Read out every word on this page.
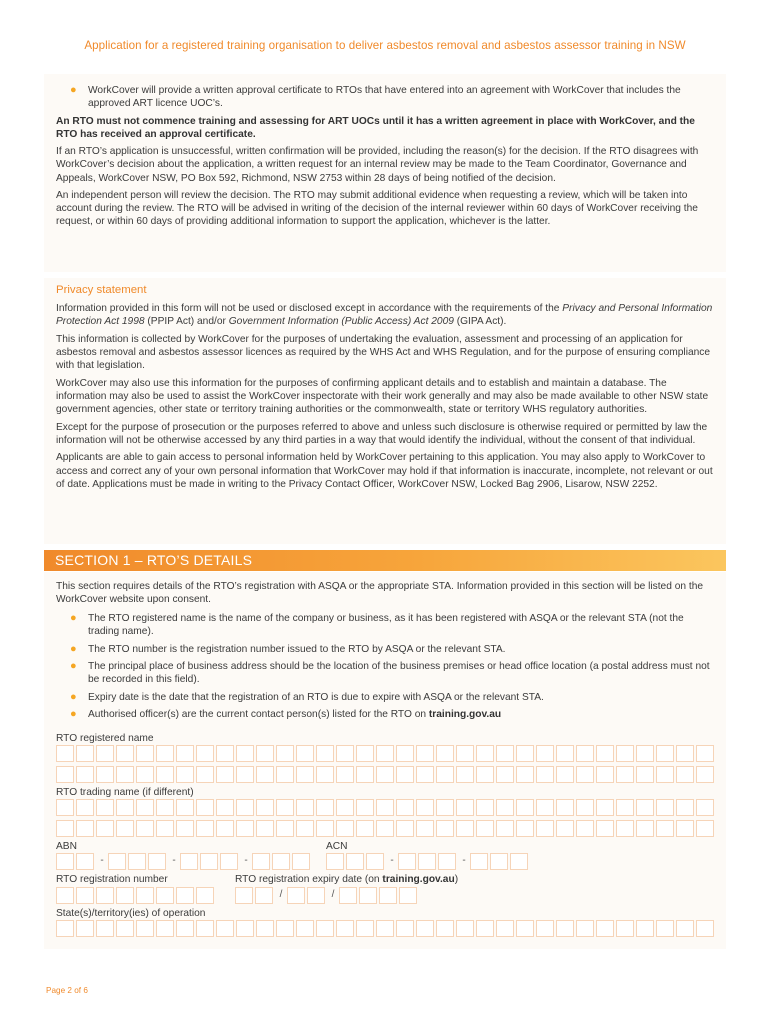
Application for a registered training organisation to deliver asbestos removal and asbestos assessor training in NSW
● WorkCover will provide a written approval certificate to RTOs that have entered into an agreement with WorkCover that includes the approved ART licence UOC’s.

An RTO must not commence training and assessing for ART UOCs until it has a written agreement in place with WorkCover, and the RTO has received an approval certificate.

If an RTO’s application is unsuccessful, written confirmation will be provided, including the reason(s) for the decision. If the RTO disagrees with WorkCover’s decision about the application, a written request for an internal review may be made to the Team Coordinator, Governance and Appeals, WorkCover NSW, PO Box 592, Richmond, NSW 2753 within 28 days of being notified of the decision.

An independent person will review the decision. The RTO may submit additional evidence when requesting a review, which will be taken into account during the review. The RTO will be advised in writing of the decision of the internal reviewer within 60 days of WorkCover receiving the request, or within 60 days of providing additional information to support the application, whichever is the latter.

Privacy statement

Information provided in this form will not be used or disclosed except in accordance with the requirements of the Privacy and Personal Information Protection Act 1998 (PPIP Act) and/or Government Information (Public Access) Act 2009 (GIPA Act).

This information is collected by WorkCover for the purposes of undertaking the evaluation, assessment and processing of an application for asbestos removal and asbestos assessor licences as required by the WHS Act and WHS Regulation, and for the purpose of ensuring compliance with that legislation.

WorkCover may also use this information for the purposes of confirming applicant details and to establish and maintain a database. The information may also be used to assist the WorkCover inspectorate with their work generally and may also be made available to other NSW state government agencies, other state or territory training authorities or the commonwealth, state or territory WHS regulatory authorities.

Except for the purpose of prosecution or the purposes referred to above and unless such disclosure is otherwise required or permitted by law the information will not be otherwise accessed by any third parties in a way that would identify the individual, without the consent of that individual.

Applicants are able to gain access to personal information held by WorkCover pertaining to this application. You may also apply to WorkCover to access and correct any of your own personal information that WorkCover may hold if that information is inaccurate, incomplete, not relevant or out of date. Applications must be made in writing to the Privacy Contact Officer, WorkCover NSW, Locked Bag 2906, Lisarow, NSW 2252.

SECTION 1 – RTO’S DETAILS

This section requires details of the RTO’s registration with ASQA or the appropriate STA. Information provided in this section will be listed on the WorkCover website upon consent.

● The RTO registered name is the name of the company or business, as it has been registered with ASQA or the relevant STA (not the trading name).
● The RTO number is the registration number issued to the RTO by ASQA or the relevant STA.
● The principal place of business address should be the location of the business premises or head office location (a postal address must not be recorded in this field).
● Expiry date is the date that the registration of an RTO is due to expire with ASQA or the relevant STA.
● Authorised officer(s) are the current contact person(s) listed for the RTO on training.gov.au
RTO registered name
RTO trading name (if different)
ABN	ACN
-	-	-	-	-
RTO registration number	RTO registration expiry date (on training.gov.au)
/	/
State(s)/territory(ies) of operation
Page 2 of 6
